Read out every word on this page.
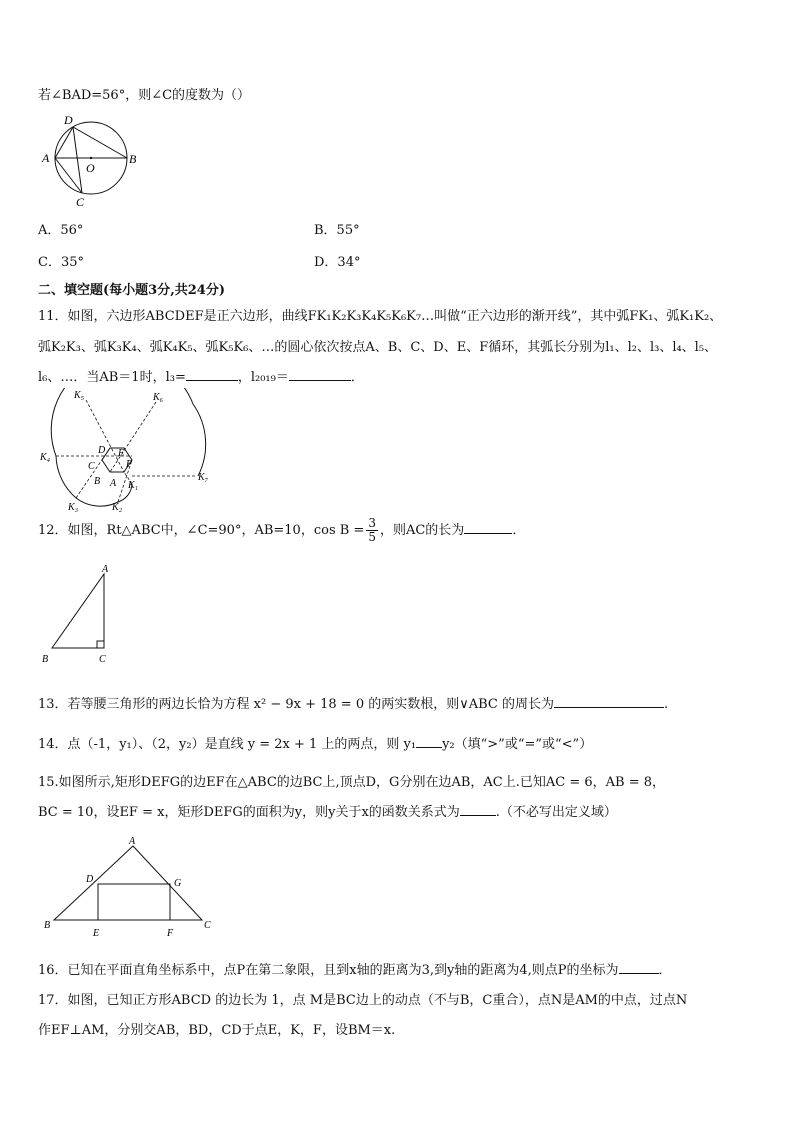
若∠BAD=56°，则∠C的度数为（）
D
A
O
B
C
A．56°	B．55°
C．35°	D．34°
二、填空题(每小题3分,共24分)
11．如图，六边形ABCDEF是正六边形，曲线FK₁K₂K₃K₄K₅K₆K₇…叫做“正六边形的渐开线”，其中弧FK₁、弧K₁K₂、
弧K₂K₃、弧K₃K₄、弧K₄K₅、弧K₅K₆、…的圆心依次按点A、B、C、D、E、F循环，其弧长分别为l₁、l₂、l₃、l₄、l₅、
l₆、…．当AB＝1时，l₃=	，l₂₀₁₉＝	．
K₅	K₆
K₄
D E
C	F
B A K₁
K₇
K₃	K₂
12．如图，Rt△ABC中，∠C=90°，AB=10，$\cos B = \frac{3}{5}$ ，则AC的长为	．
A
B	C
13．若等腰三角形的两边长恰为方程 x² − 9x + 18 = 0 的两实数根，则∨ABC 的周长为	.
14．点（-1，y₁）、（2，y₂）是直线 y = 2x + 1 上的两点，则 y₁ y₂（填“>”或“=”或“<”）
15.如图所示,矩形DEFG的边EF在△ABC的边BC上,顶点D，G分别在边AB，AC上.已知AC = 6，AB = 8，
BC = 10，设EF = x，矩形DEFG的面积为y，则y关于x的函数关系式为	.（不必写出定义域）
A
D	G
B	C
E	F
16．已知在平面直角坐标系中，点P在第二象限，且到x轴的距离为3,到y轴的距离为4,则点P的坐标为	．
17．如图，已知正方形ABCD 的边长为 1，点 M是BC边上的动点（不与B，C重合），点N是AM的中点，过点N
作EF⊥AM，分别交AB，BD，CD于点E，K，F，设BM＝x.
